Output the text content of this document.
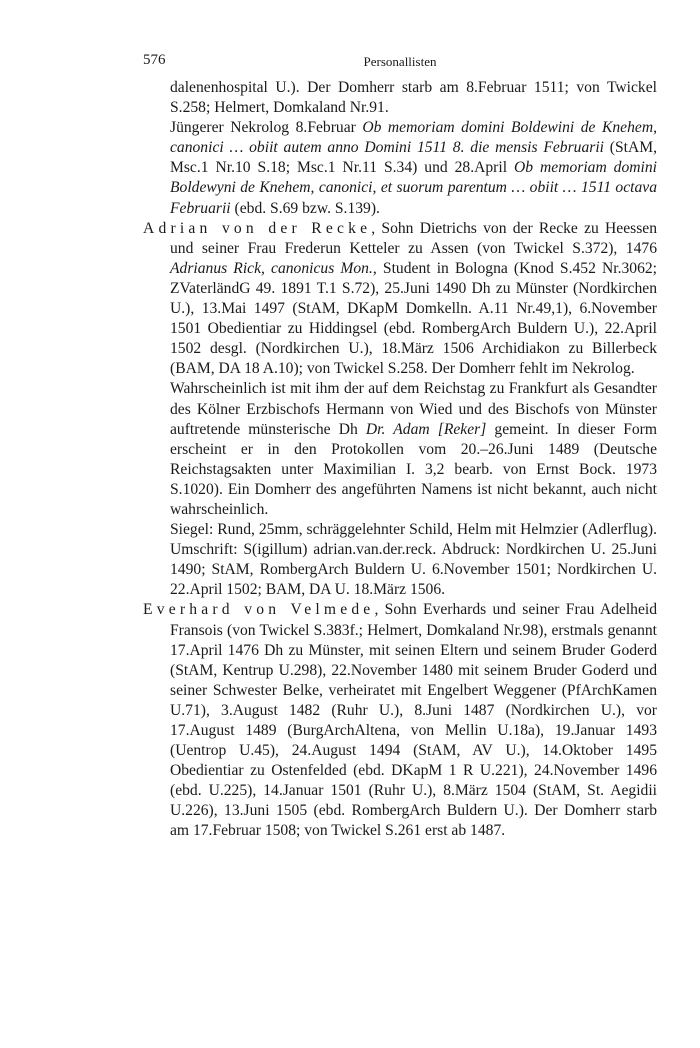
576	Personallisten

dalenenhospital U.). Der Domherr starb am 8.Februar 1511; von Twickel S.258; Helmert, Domkaland Nr.91.

Jüngerer Nekrolog 8.Februar Ob memoriam domini Boldewini de Knehem, canonici … obiit autem anno Domini 1511 8. die mensis Februarii (StAM, Msc.1 Nr.10 S.18; Msc.1 Nr.11 S.34) und 28.April Ob memoriam domini Boldewyni de Knehem, canonici, et suorum parentum … obiit … 1511 octava Februarii (ebd. S.69 bzw. S.139).

Adrian von der Recke, Sohn Dietrichs von der Recke zu Heessen und seiner Frau Frederun Ketteler zu Assen (von Twickel S.372), 1476 Adrianus Rick, canonicus Mon., Student in Bologna (Knod S.452 Nr.3062; ZVaterländG 49. 1891 T.1 S.72), 25.Juni 1490 Dh zu Münster (Nordkirchen U.), 13.Mai 1497 (StAM, DKapM Domkelln. A.11 Nr.49,1), 6.November 1501 Obedientiar zu Hiddingsel (ebd. RombergArch Buldern U.), 22.April 1502 desgl. (Nordkirchen U.), 18.März 1506 Archidiakon zu Billerbeck (BAM, DA 18 A.10); von Twickel S.258. Der Domherr fehlt im Nekrolog.

Wahrscheinlich ist mit ihm der auf dem Reichstag zu Frankfurt als Gesandter des Kölner Erzbischofs Hermann von Wied und des Bischofs von Münster auftretende münsterische Dh Dr. Adam [Reker] gemeint. In dieser Form erscheint er in den Protokollen vom 20.–26.Juni 1489 (Deutsche Reichstagsakten unter Maximilian I. 3,2 bearb. von Ernst Bock. 1973 S.1020). Ein Domherr des angeführten Namens ist nicht bekannt, auch nicht wahrscheinlich.

Siegel: Rund, 25mm, schräggelehnter Schild, Helm mit Helmzier (Adlerflug). Umschrift: S(igillum) adrian.van.der.reck. Abdruck: Nordkirchen U. 25.Juni 1490; StAM, RombergArch Buldern U. 6.November 1501; Nordkirchen U. 22.April 1502; BAM, DA U. 18.März 1506.

Everhard von Velmede, Sohn Everhards und seiner Frau Adelheid Fransois (von Twickel S.383f.; Helmert, Domkaland Nr.98), erstmals genannt 17.April 1476 Dh zu Münster, mit seinen Eltern und seinem Bruder Goderd (StAM, Kentrup U.298), 22.November 1480 mit seinem Bruder Goderd und seiner Schwester Belke, verheiratet mit Engelbert Weggener (PfArchKamen U.71), 3.August 1482 (Ruhr U.), 8.Juni 1487 (Nordkirchen U.), vor 17.August 1489 (BurgArchAltena, von Mellin U.18a), 19.Januar 1493 (Uentrop U.45), 24.August 1494 (StAM, AV U.), 14.Oktober 1495 Obedientiar zu Ostenfelded (ebd. DKapM 1 R U.221), 24.November 1496 (ebd. U.225), 14.Januar 1501 (Ruhr U.), 8.März 1504 (StAM, St. Aegidii U.226), 13.Juni 1505 (ebd. RombergArch Buldern U.). Der Domherr starb am 17.Februar 1508; von Twickel S.261 erst ab 1487.
